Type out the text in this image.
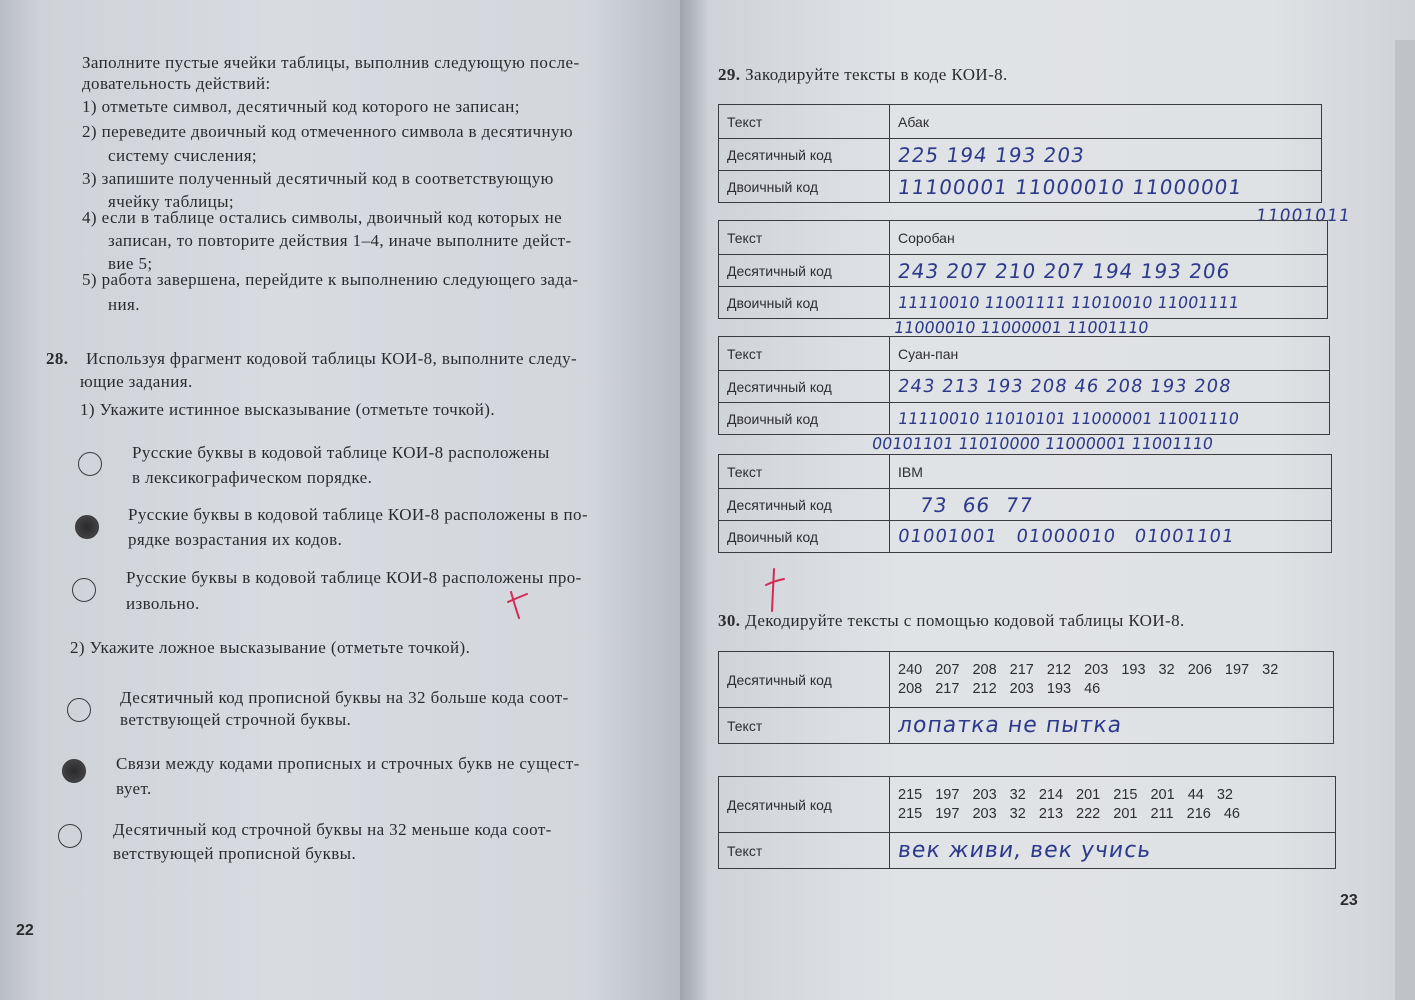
Заполните пустые ячейки таблицы, выполнив следующую после-
довательность действий:
1) отметьте символ, десятичный код которого не записан;
2) переведите двоичный код отмеченного символа в десятичную
систему счисления;
3) запишите полученный десятичный код в соответствующую
ячейку таблицы;
4) если в таблице остались символы, двоичный код которых не
записан, то повторите действия 1–4, иначе выполните дейст-
вие 5;
5) работа завершена, перейдите к выполнению следующего зада-
ния.
28. Используя фрагмент кодовой таблицы КОИ-8, выполните следу-
ющие задания.
1) Укажите истинное высказывание (отметьте точкой).
Русские буквы в кодовой таблице КОИ-8 расположены
в лексикографическом порядке.
Русские буквы в кодовой таблице КОИ-8 расположены в по-
рядке возрастания их кодов.
Русские буквы в кодовой таблице КОИ-8 расположены про-
извольно.
2) Укажите ложное высказывание (отметьте точкой).
Десятичный код прописной буквы на 32 больше кода соот-
ветствующей строчной буквы.
Связи между кодами прописных и строчных букв не сущест-
вует.
Десятичный код строчной буквы на 32 меньше кода соот-
ветствующей прописной буквы.
22
29. Закодируйте тексты в коде КОИ-8.
Текст	Абак
Десятичный код	225 194 193 203
Двоичный код	11100001 11000010 11000001
11001011
Текст	Соробан
Десятичный код	243 207 210 207 194 193 206
Двоичный код	11110010 11001111 11010010 11001111
11000010 11000001 11001110
Текст	Суан-пан
Десятичный код	243 213 193 208 46 208 193 208
Двоичный код	11110010 11010101 11000001 11001110
00101101 11010000 11000001 11001110
Текст	IBM
Десятичный код	73 66 77
Двоичный код	01001001 01000010 01001101
30. Декодируйте тексты с помощью кодовой таблицы КОИ-8.
Десятичный код	240 207 208 217 212 203 193 32 206 197 32
208 217 212 203 193 46

Текст	лопатка не пытка
Десятичный код	215 197 203 32 214 201 215 201 44 32
215 197 203 32 213 222 201 211 216 46

Текст	век живи, век учись
23
